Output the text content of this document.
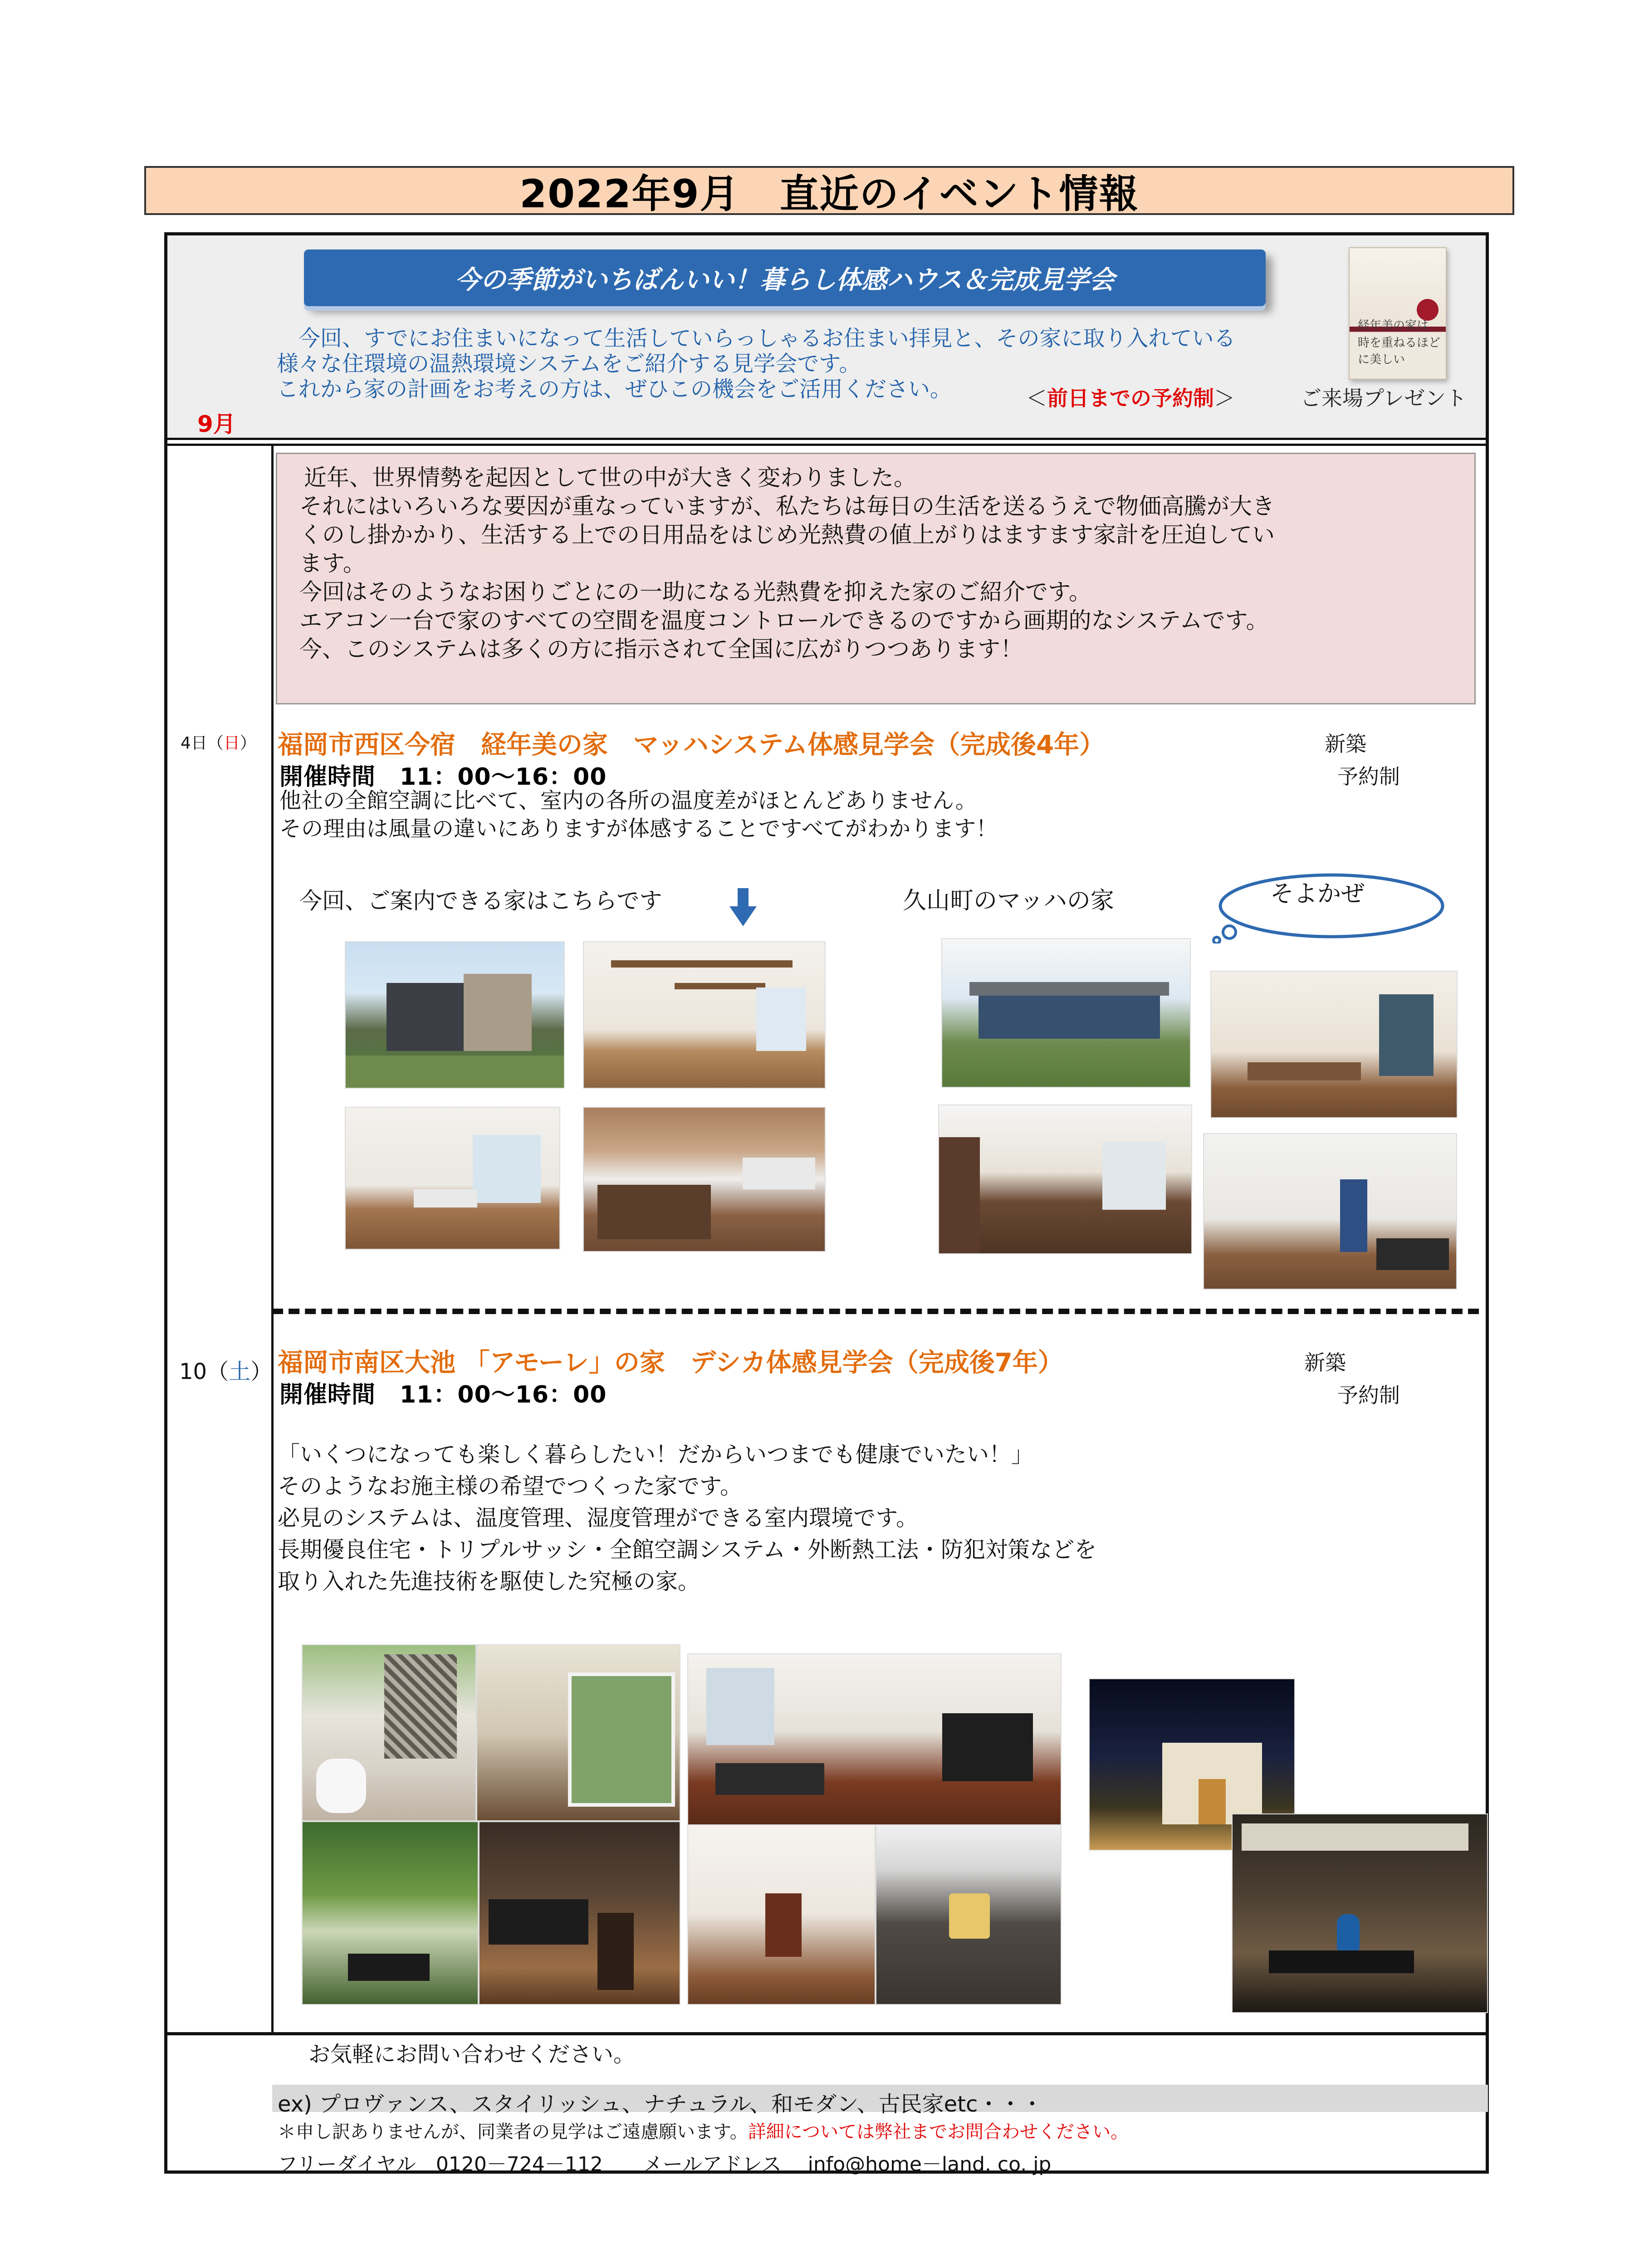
2022年9月　直近のイベント情報
今の季節がいちばんいい！暮らし体感ハウス＆完成見学会
今回、すでにお住まいになって生活していらっしゃるお住まい拝見と、その家に取り入れている
様々な住環境の温熱環境システムをご紹介する見学会です。
これから家の計画をお考えの方は、ぜひこの機会をご活用ください。	＜前日までの予約制＞
経年美の家は
時を重ねるほどに美しい
ご来場プレゼント
9月
近年、世界情勢を起因として世の中が大きく変わりました。
それにはいろいろな要因が重なっていますが、私たちは毎日の生活を送るうえで物価高騰が大き
くのし掛かかり、生活する上での日用品をはじめ光熱費の値上がりはますます家計を圧迫してい
ます。
今回はそのようなお困りごとにの一助になる光熱費を抑えた家のご紹介です。
エアコン一台で家のすべての空間を温度コントロールできるのですから画期的なシステムです。
今、このシステムは多くの方に指示されて全国に広がりつつあります！
4日（日） 福岡市西区今宿　経年美の家　マッハシステム体感見学会（完成後4年）	新築
予約制
開催時間　11：00～16：00
他社の全館空調に比べて、室内の各所の温度差がほとんどありません。
その理由は風量の違いにありますが体感することですべてがわかります！
今回、ご案内できる家はこちらです	久山町のマッハの家	そよかぜ
10（土） 福岡市南区大池 「アモーレ」の家　デシカ体感見学会（完成後7年）	新築
予約制
開催時間　11：00～16：00
「いくつになっても楽しく暮らしたい！だからいつまでも健康でいたい！」
そのようなお施主様の希望でつくった家です。
必見のシステムは、温度管理、湿度管理ができる室内環境です。
長期優良住宅・トリプルサッシ・全館空調システム・外断熱工法・防犯対策などを
取り入れた先進技術を駆使した究極の家。
お気軽にお問い合わせください。
ex) プロヴァンス、スタイリッシュ、ナチュラル、和モダン、古民家etc・・・
＊申し訳ありませんが、同業者の見学はご遠慮願います。詳細については弊社までお問合わせください。
フリーダイヤル　0120－724－112　　メールアドレス　 info@home－land. co. jp
